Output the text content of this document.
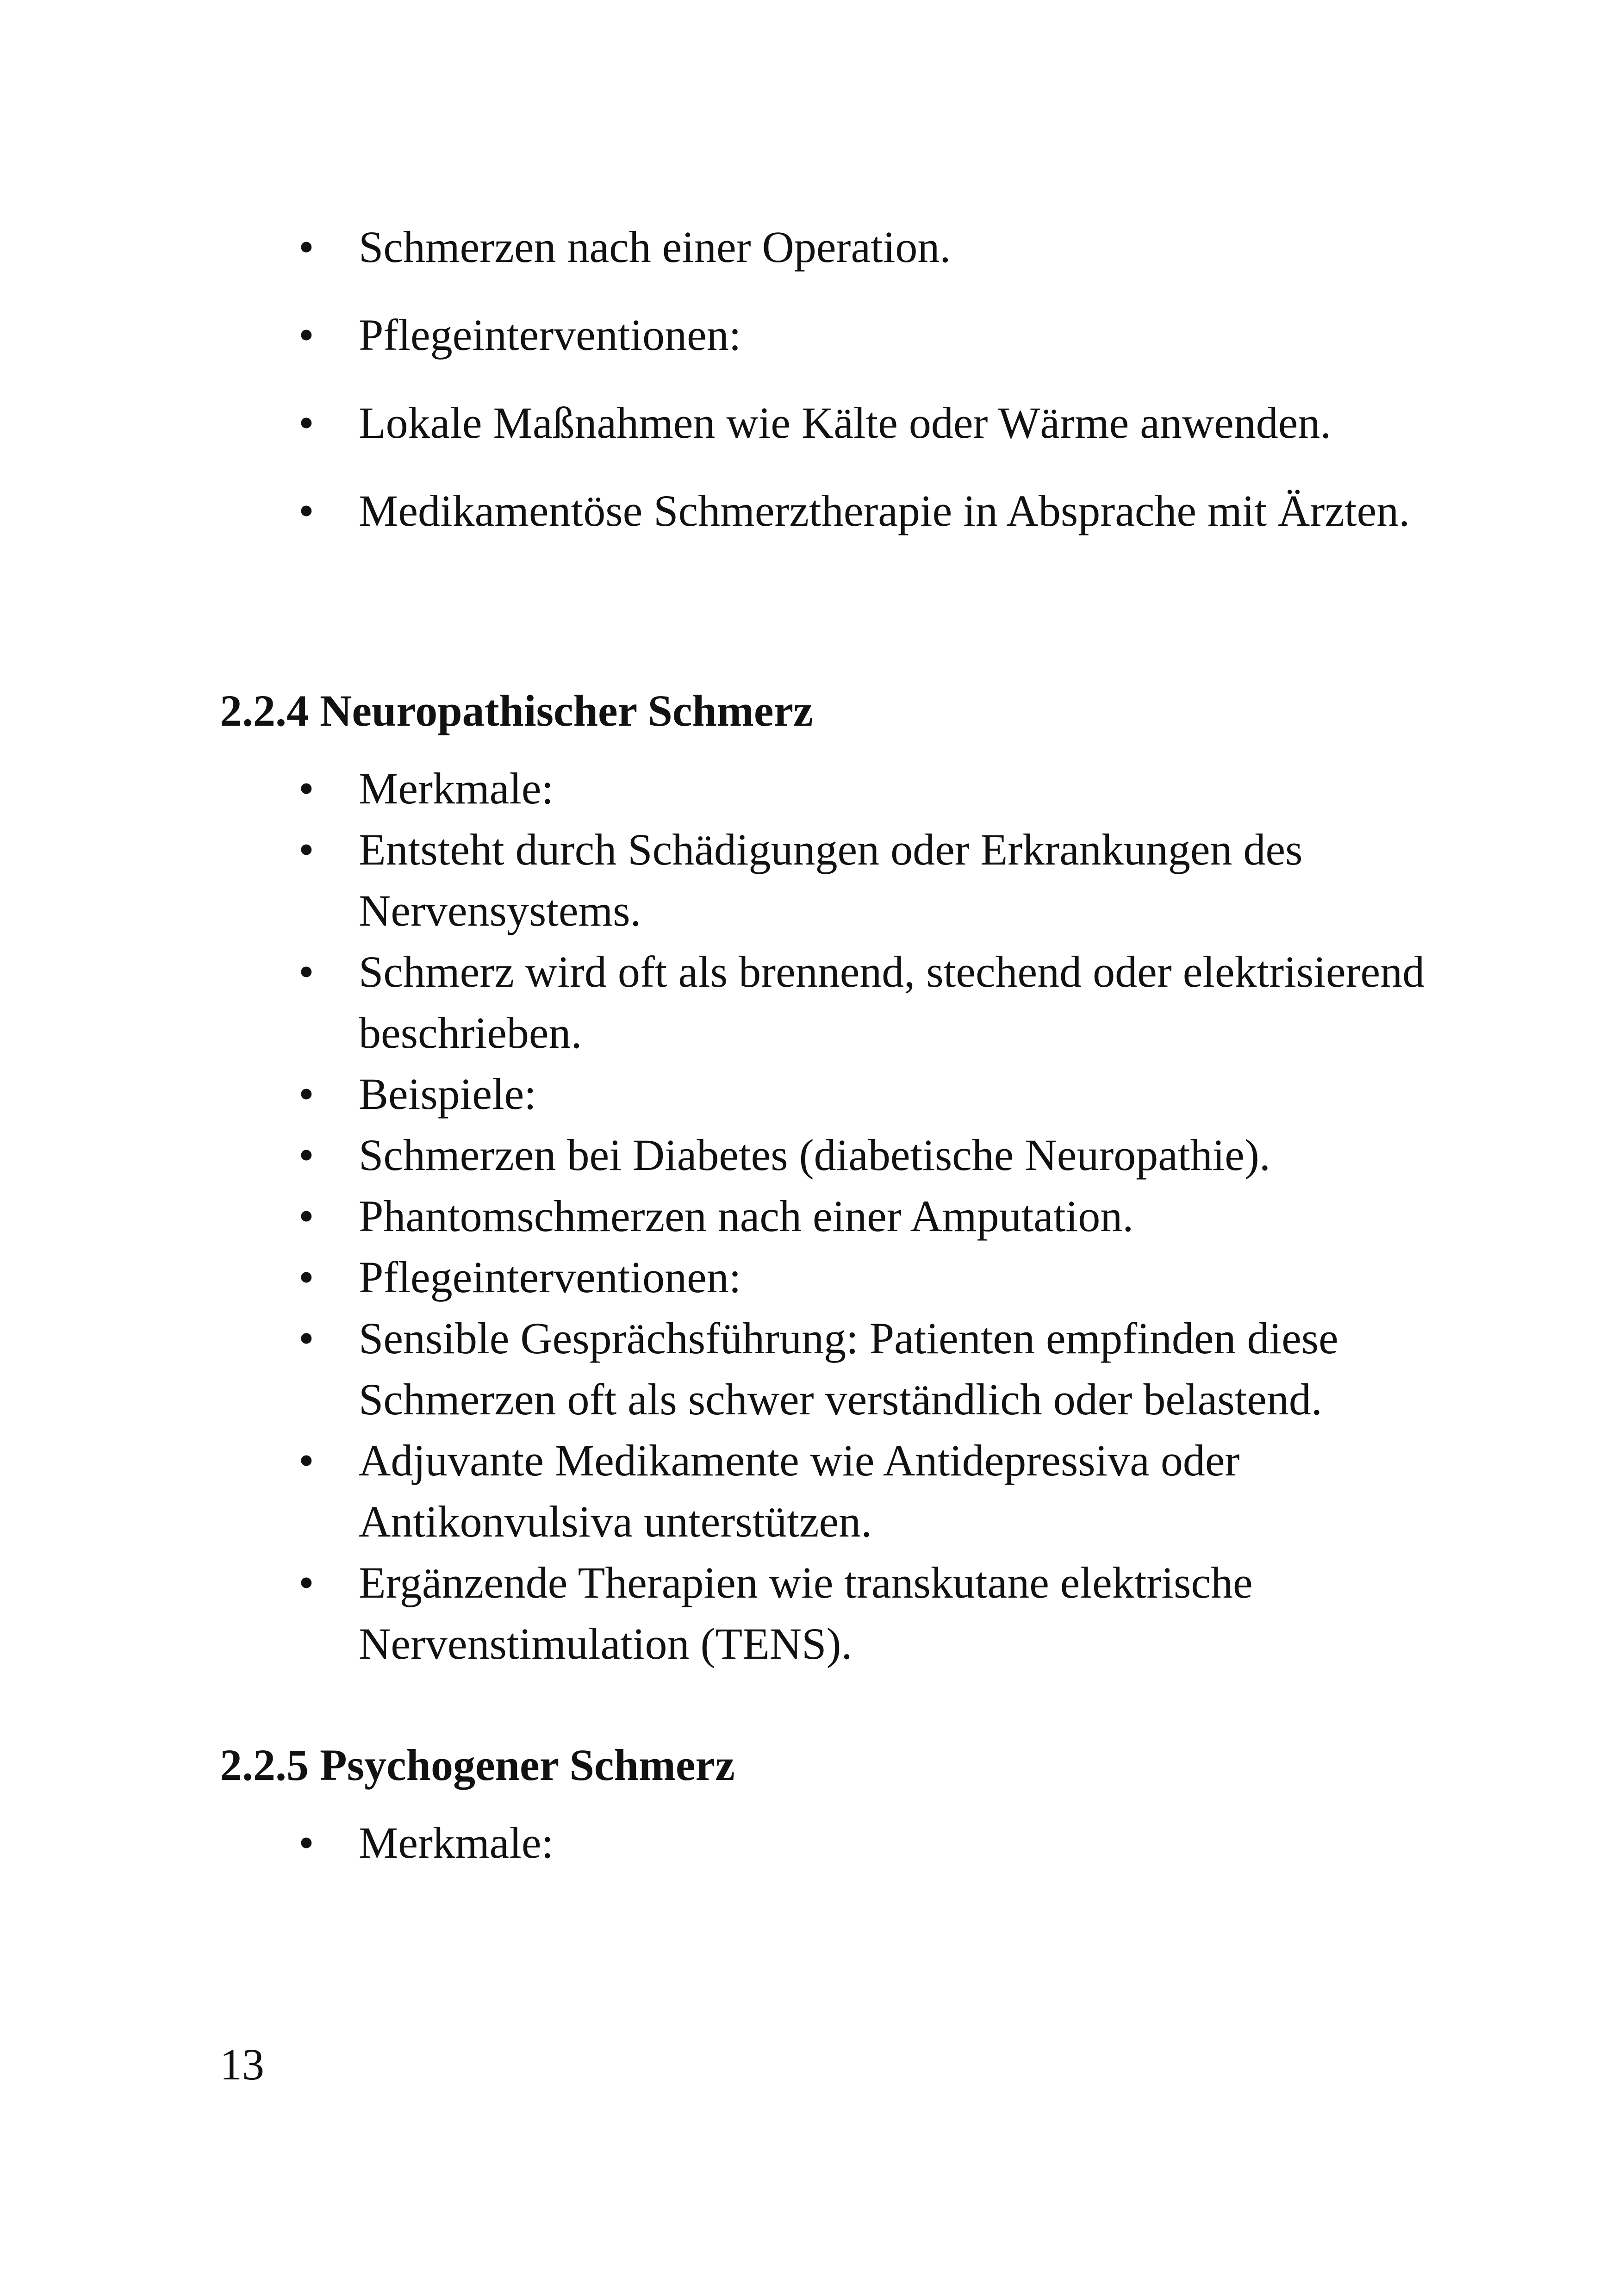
• Schmerzen nach einer Operation.
• Pflegeinterventionen:
• Lokale Maßnahmen wie Kälte oder Wärme anwenden.
• Medikamentöse Schmerztherapie in Absprache mit Ärzten.
2.2.4 Neuropathischer Schmerz
• Merkmale:
• Entsteht durch Schädigungen oder Erkrankungen des Nervensystems.
• Schmerz wird oft als brennend, stechend oder elektrisierend beschrieben.
• Beispiele:
• Schmerzen bei Diabetes (diabetische Neuropathie).
• Phantomschmerzen nach einer Amputation.
• Pflegeinterventionen:
• Sensible Gesprächsführung: Patienten empfinden diese Schmerzen oft als schwer verständlich oder belastend.
• Adjuvante Medikamente wie Antidepressiva oder Antikonvulsiva unterstützen.
• Ergänzende Therapien wie transkutane elektrische Nervenstimulation (TENS).
2.2.5 Psychogener Schmerz
• Merkmale:
13
